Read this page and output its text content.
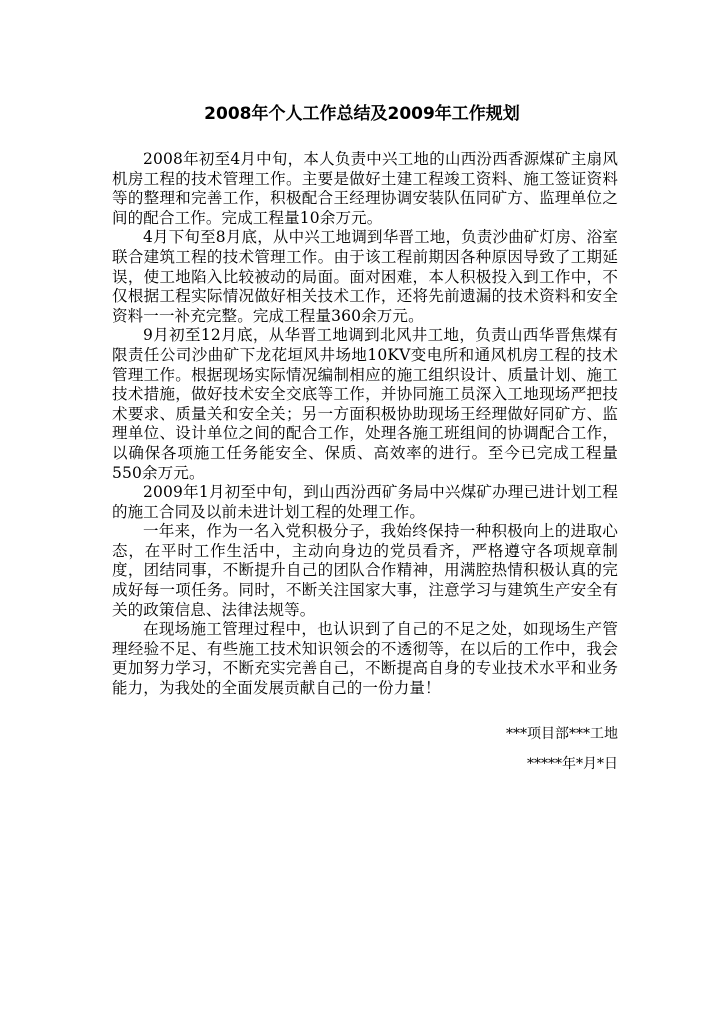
2008年个人工作总结及2009年工作规划

2008年初至4月中旬，本人负责中兴工地的山西汾西香源煤矿主扇风机房工程的技术管理工作。主要是做好土建工程竣工资料、施工签证资料等的整理和完善工作，积极配合王经理协调安装队伍同矿方、监理单位之间的配合工作。完成工程量10余万元。

4月下旬至8月底，从中兴工地调到华晋工地，负责沙曲矿灯房、浴室联合建筑工程的技术管理工作。由于该工程前期因各种原因导致了工期延误，使工地陷入比较被动的局面。面对困难，本人积极投入到工作中，不仅根据工程实际情况做好相关技术工作，还将先前遗漏的技术资料和安全资料一一补充完整。完成工程量360余万元。

9月初至12月底，从华晋工地调到北风井工地，负责山西华晋焦煤有限责任公司沙曲矿下龙花垣风井场地10KV变电所和通风机房工程的技术管理工作。根据现场实际情况编制相应的施工组织设计、质量计划、施工技术措施，做好技术安全交底等工作，并协同施工员深入工地现场严把技术要求、质量关和安全关；另一方面积极协助现场王经理做好同矿方、监理单位、设计单位之间的配合工作，处理各施工班组间的协调配合工作，以确保各项施工任务能安全、保质、高效率的进行。至今已完成工程量550余万元。

2009年1月初至中旬，到山西汾西矿务局中兴煤矿办理已进计划工程的施工合同及以前未进计划工程的处理工作。

一年来，作为一名入党积极分子，我始终保持一种积极向上的进取心态，在平时工作生活中，主动向身边的党员看齐，严格遵守各项规章制度，团结同事，不断提升自己的团队合作精神，用满腔热情积极认真的完成好每一项任务。同时，不断关注国家大事，注意学习与建筑生产安全有关的政策信息、法律法规等。

在现场施工管理过程中，也认识到了自己的不足之处，如现场生产管理经验不足、有些施工技术知识领会的不透彻等，在以后的工作中，我会更加努力学习，不断充实完善自己，不断提高自身的专业技术水平和业务能力，为我处的全面发展贡献自己的一份力量！

***项目部***工地
*****年*月*日
